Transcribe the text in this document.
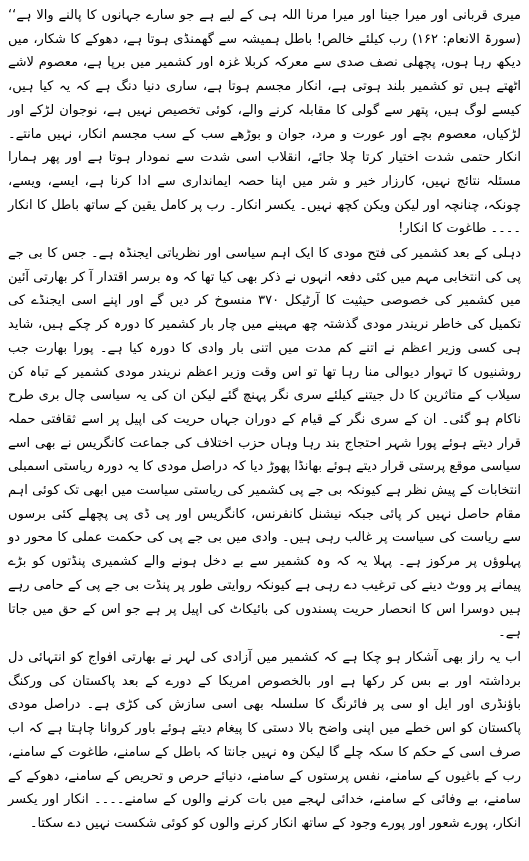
میری قربانی اور میرا جینا اور میرا مرنا اللہ ہی کے لیے ہے جو سارے جہانوں کا پالنے والا ہے‘‘ (سورۃ الانعام: ۱۶۲) رب کیلئے خالص! باطل ہمیشہ سے گھمنڈی ہوتا ہے، دھوکے کا شکار، میں دیکھ رہا ہوں، پچھلی نصف صدی سے معرکہ کربلا غزہ اور کشمیر میں برپا ہے، معصوم لاشے اٹھتے ہیں تو کشمیر بلند ہوتی ہے، انکار مجسم ہوتا ہے، ساری دنیا دنگ ہے کہ یہ کیا ہیں، کیسے لوگ ہیں، پتھر سے گولی کا مقابلہ کرنے والے، کوئی تخصیص نہیں ہے، نوجوان لڑکے اور لڑکیاں، معصوم بچے اور عورت و مرد، جوان و بوڑھے سب کے سب مجسم انکار، نہیں مانتے۔ انکار حتمی شدت اختیار کرتا چلا جائے، انقلاب اسی شدت سے نمودار ہوتا ہے اور پھر ہمارا مسئلہ نتائج نہیں، کارزار خیر و شر میں اپنا حصہ ایمانداری سے ادا کرنا ہے، ایسے، ویسے، چونکہ، چنانچہ اور لیکن ویکن کچھ نہیں۔ یکسر انکار۔ رب پر کامل یقین کے ساتھ باطل کا انکار ۔۔۔۔ طاغوت کا انکار!

دہلی کے بعد کشمیر کی فتح مودی کا ایک اہم سیاسی اور نظریاتی ایجنڈہ ہے۔ جس کا بی جے پی کی انتخابی مہم میں کئی دفعہ انہوں نے ذکر بھی کیا تھا کہ وہ برسر اقتدار آ کر بھارتی آئین میں کشمیر کی خصوصی حیثیت کا آرٹیکل ۳۷۰ منسوخ کر دیں گے اور اپنے اسی ایجنڈے کی تکمیل کی خاطر نریندر مودی گذشتہ چھ مہینے میں چار بار کشمیر کا دورہ کر چکے ہیں، شاید ہی کسی وزیر اعظم نے اتنے کم مدت میں اتنی بار وادی کا دورہ کیا ہے۔ پورا بھارت جب روشنیوں کا تہوار دیوالی منا رہا تھا تو اس وقت وزیر اعظم نریندر مودی کشمیر کے تباہ کن سیلاب کے متاثرین کا دل جیتنے کیلئے سری نگر پہنچ گئے لیکن ان کی یہ سیاسی چال بری طرح ناکام ہو گئی۔ ان کے سری نگر کے قیام کے دوران جہاں حریت کی اپیل پر اسے ثقافتی حملہ قرار دیتے ہوئے پورا شہر احتجاج بند رہا وہاں حزب اختلاف کی جماعت کانگریس نے بھی اسے سیاسی موقع پرستی قرار دیتے ہوئے بھانڈا پھوڑ دیا کہ دراصل مودی کا یہ دورہ ریاستی اسمبلی انتخابات کے پیش نظر ہے کیونکہ بی جے پی کشمیر کی ریاستی سیاست میں ابھی تک کوئی اہم مقام حاصل نہیں کر پائی جبکہ نیشنل کانفرنس، کانگریس اور پی ڈی پی پچھلے کئی برسوں سے ریاست کی سیاست پر غالب رہی ہیں۔ وادی میں بی جے پی کی حکمت عملی کا محور دو پہلوؤں پر مرکوز ہے۔ پہلا یہ کہ وہ کشمیر سے بے دخل ہونے والے کشمیری پنڈتوں کو بڑے پیمانے پر ووٹ دینے کی ترغیب دے رہی ہے کیونکہ روایتی طور پر پنڈت بی جے پی کے حامی رہے ہیں دوسرا اس کا انحصار حریت پسندوں کی بائیکاٹ کی اپیل پر ہے جو اس کے حق میں جاتا ہے۔

اب یہ راز بھی آشکار ہو چکا ہے کہ کشمیر میں آزادی کی لہر نے بھارتی افواج کو انتہائی دل برداشتہ اور بے بس کر رکھا ہے اور بالخصوص امریکا کے دورے کے بعد پاکستان کی ورکنگ باؤنڈری اور ایل او سی پر فائرنگ کا سلسلہ بھی اسی سازش کی کڑی ہے۔ دراصل مودی پاکستان کو اس خطے میں اپنی واضح بالا دستی کا پیغام دیتے ہوئے باور کروانا چاہتا ہے کہ اب صرف اسی کے حکم کا سکہ چلے گا لیکن وہ نہیں جانتا کہ باطل کے سامنے، طاغوت کے سامنے، رب کے باغیوں کے سامنے، نفس پرستوں کے سامنے، دنیائے حرص و تحریص کے سامنے، دھوکے کے سامنے، بے وفائی کے سامنے، خدائی لہجے میں بات کرنے والوں کے سامنے۔۔۔۔ انکار اور یکسر انکار، پورے شعور اور پورے وجود کے ساتھ انکار کرنے والوں کو کوئی شکست نہیں دے سکتا۔
